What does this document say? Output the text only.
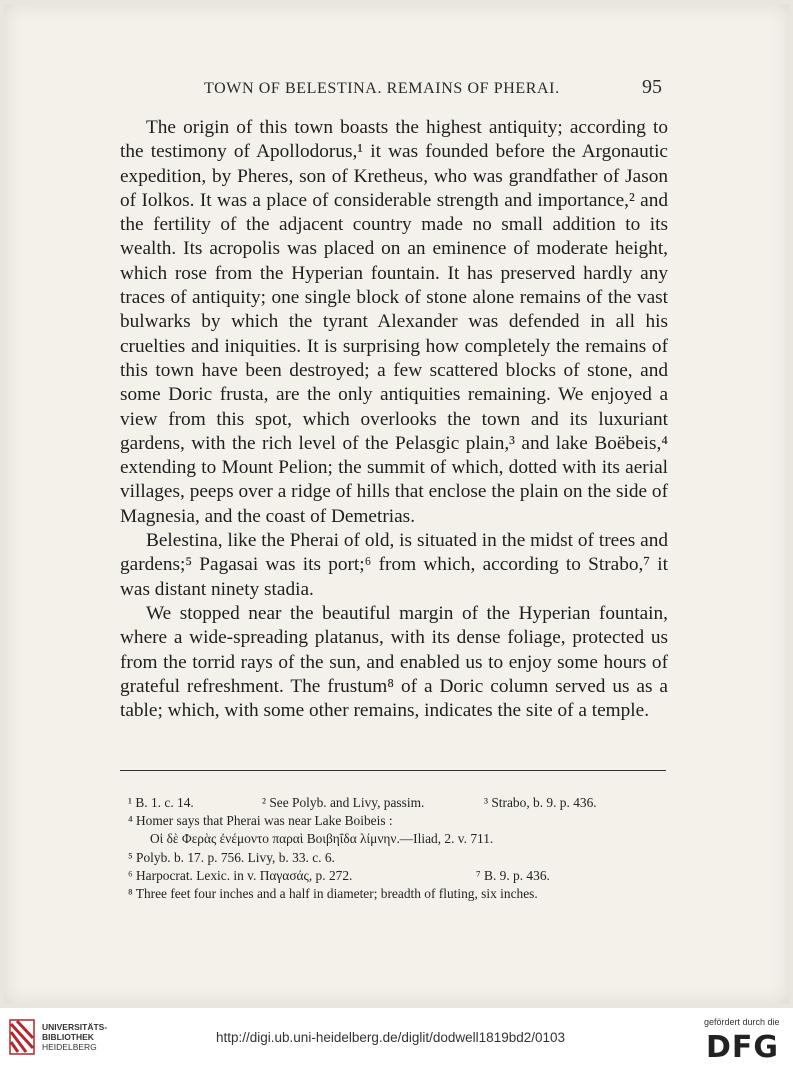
TOWN OF BELESTINA. REMAINS OF PHERAI.	95

The origin of this town boasts the highest antiquity; according to the testimony of Apollodorus,¹ it was founded before the Argonautic expedition, by Pheres, son of Kretheus, who was grandfather of Jason of Iolkos. It was a place of considerable strength and importance,² and the fertility of the adjacent country made no small addition to its wealth. Its acropolis was placed on an eminence of moderate height, which rose from the Hyperian fountain. It has preserved hardly any traces of antiquity; one single block of stone alone remains of the vast bulwarks by which the tyrant Alexander was defended in all his cruelties and iniquities. It is surprising how completely the remains of this town have been destroyed; a few scattered blocks of stone, and some Doric frusta, are the only antiquities remaining. We enjoyed a view from this spot, which overlooks the town and its luxuriant gardens, with the rich level of the Pelasgic plain,³ and lake Boëbeis,⁴ extending to Mount Pelion; the summit of which, dotted with its aerial villages, peeps over a ridge of hills that enclose the plain on the side of Magnesia, and the coast of Demetrias.

Belestina, like the Pherai of old, is situated in the midst of trees and gardens;⁵ Pagasai was its port;⁶ from which, according to Strabo,⁷ it was distant ninety stadia.

We stopped near the beautiful margin of the Hyperian fountain, where a wide-spreading platanus, with its dense foliage, protected us from the torrid rays of the sun, and enabled us to enjoy some hours of grateful refreshment. The frustum⁸ of a Doric column served us as a table; which, with some other remains, indicates the site of a temple.

¹ B. 1. c. 14.	² See Polyb. and Livy, passim.	³ Strabo, b. 9. p. 436.
⁴ Homer says that Pherai was near Lake Boibeis :
Οἱ δὲ Φερὰς ἐνέμοντο παραὶ Βοιβηΐδα λίμνην.—Iliad, 2. v. 711.
⁵ Polyb. b. 17. p. 756. Livy, b. 33. c. 6.
⁶ Harpocrat. Lexic. in v. Παγασάς, p. 272.	⁷ B. 9. p. 436.
⁸ Three feet four inches and a half in diameter; breadth of fluting, six inches.
UNIVERSITÄTS-
BIBLIOTHEK
HEIDELBERG
http://digi.ub.uni-heidelberg.de/diglit/dodwell1819bd2/0103
gefördert durch die
DFG
